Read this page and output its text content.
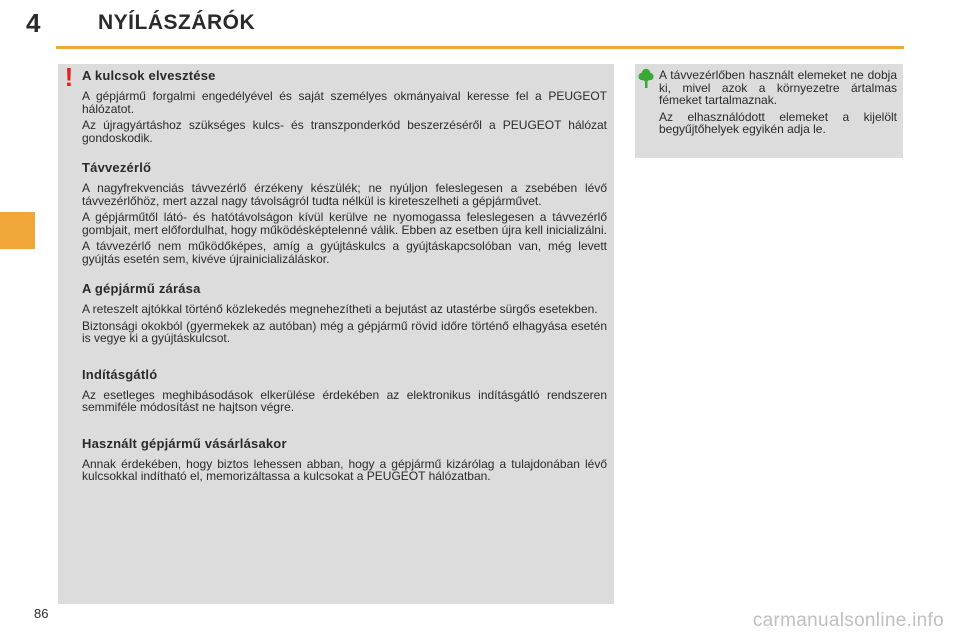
4	NYÍLÁSZÁRÓK
! A kulcsok elvesztése

A gépjármű forgalmi engedélyével és saját személyes okmányaival keresse fel a PEUGEOT hálózatot.

Az újragyártáshoz szükséges kulcs- és transzponderkód beszerzéséről a PEUGEOT hálózat gondoskodik.

Távvezérlő

A nagyfrekvenciás távvezérlő érzékeny készülék; ne nyúljon feleslegesen a zsebében lévő távvezérlőhöz, mert azzal nagy távolságról tudta nélkül is kireteszelheti a gépjárművet.

A gépjárműtől látó- és hatótávolságon kívül kerülve ne nyomogassa feleslegesen a távvezérlő gombjait, mert előfordulhat, hogy működésképtelenné válik. Ebben az esetben újra kell inicializálni.

A távvezérlő nem működőképes, amíg a gyújtáskulcs a gyújtáskapcsolóban van, még levett gyújtás esetén sem, kivéve újrainicializáláskor.

A gépjármű zárása

A reteszelt ajtókkal történő közlekedés megnehezítheti a bejutást az utastérbe sürgős esetekben.

Biztonsági okokból (gyermekek az autóban) még a gépjármű rövid időre történő elhagyása esetén is vegye ki a gyújtáskulcsot.

Indításgátló

Az esetleges meghibásodások elkerülése érdekében az elektronikus indításgátló rendszeren semmiféle módosítást ne hajtson végre.

Használt gépjármű vásárlásakor

Annak érdekében, hogy biztos lehessen abban, hogy a gépjármű kizárólag a tulajdonában lévő kulcsokkal indítható el, memorizáltassa a kulcsokat a PEUGEOT hálózatban.

A távvezérlőben használt elemeket ne dobja ki, mivel azok a környezetre ártalmas fémeket tartalmaznak.

Az elhasználódott elemeket a kijelölt begyűjtőhelyek egyikén adja le.

86	carmanualsonline.info
